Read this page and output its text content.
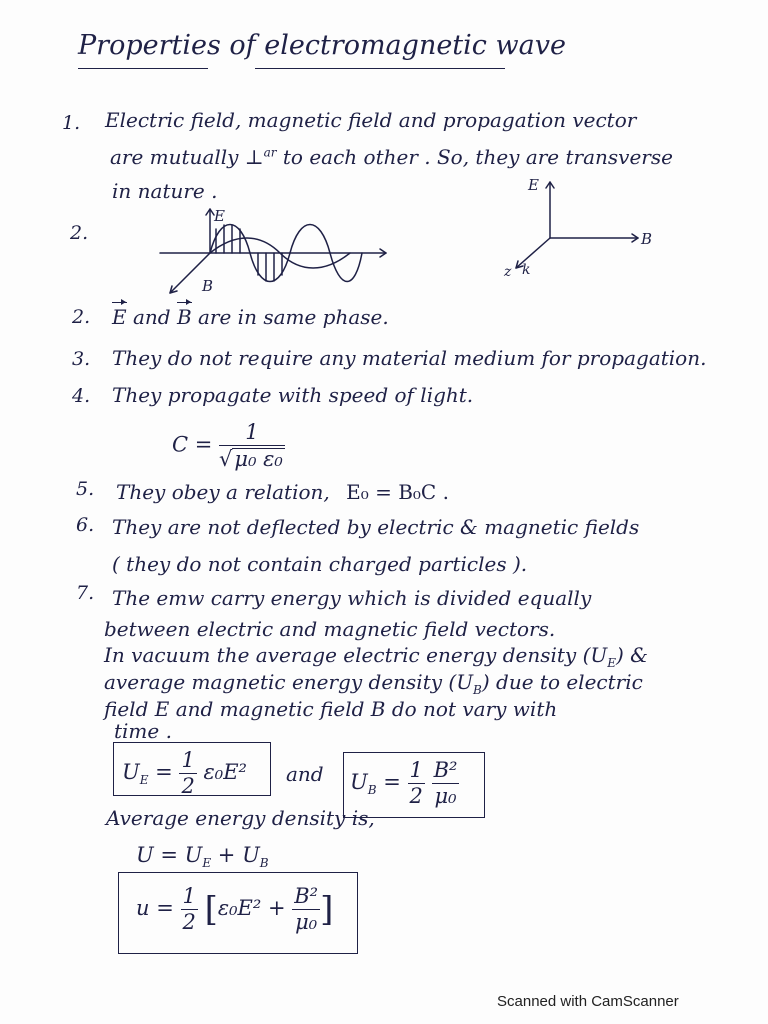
Properties of electromagnetic wave
1. Electric field, magnetic field and propagation vector
are mutually ⊥$^{ar}$ to each other . So, they are transverse
in nature .
2.
E
B
E
B
z k
2. E and B are in same phase.
3. They do not require any material medium for propagation.
4. They propagate with speed of light.
$C = \frac{1}{\text{√μ₀ ε₀}}$
5. They obey a relation, E₀ = B₀C .
6. They are not deflected by electric & magnetic fields
( they do not contain charged particles ).
7. The emw carry energy which is divided equally
between electric and magnetic field vectors.
In vacuum the average electric energy density $(U_E)$ &
average magnetic energy density $(U_B)$ due to electric
field E and magnetic field B do not vary with
time .
$U_E = \frac{1}{2} \varepsilon_0E^2$ and $U_B = \frac{1}{2}$
$\frac{\text{B²}}{\text{μ₀}}$
Average energy density is,
$U = U_E + U_B$
$u = \frac{1}{2} [\varepsilon_0E^2 + \frac{\text{B²}}{\text{μ₀}}$ ]
Scanned with CamScanner
